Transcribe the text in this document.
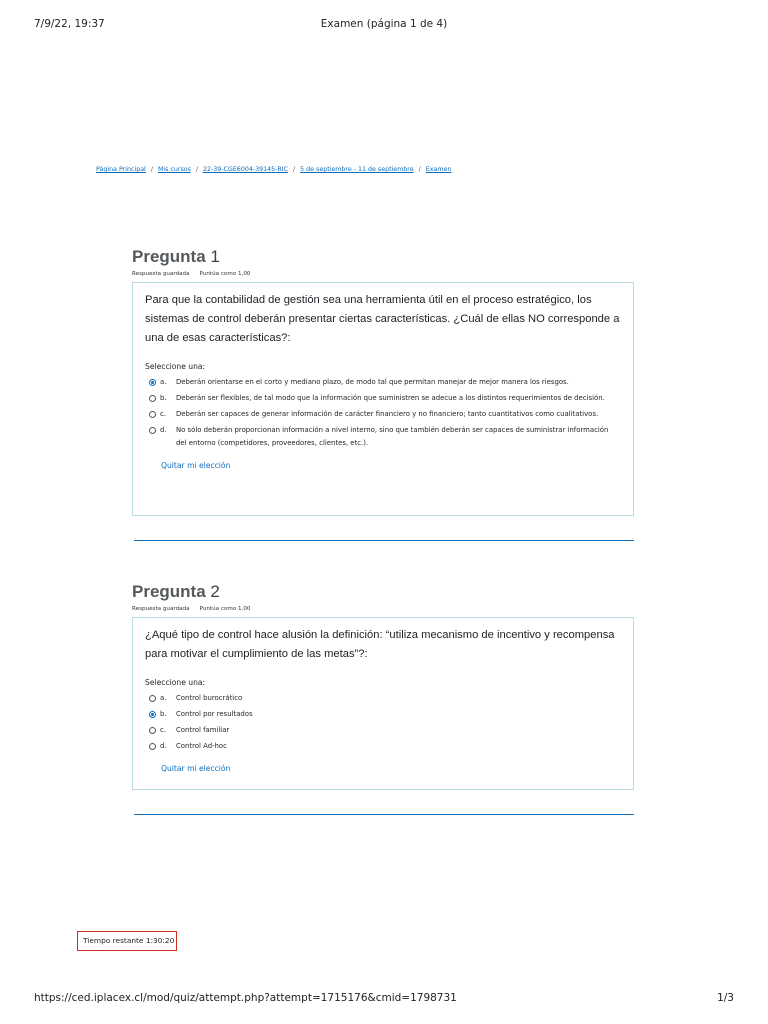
7/9/22, 19:37	Examen (página 1 de 4)
Página Principal / Mis cursos / 22-39-CGE6004-39145-RIC / 5 de septiembre - 11 de septiembre / Examen
Pregunta 1
Respuesta guardada Puntúa como 1,00

Para que la contabilidad de gestión sea una herramienta útil en el proceso estratégico, los sistemas de control deberán presentar ciertas características. ¿Cuál de ellas NO corresponde a una de esas características?:

Seleccione una:
a.	Deberán orientarse en el corto y mediano plazo, de modo tal que permitan manejar de mejor manera los riesgos.
b.	Deberán ser flexibles, de tal modo que la información que suministren se adecue a los distintos requerimientos de decisión.
c.	Deberán ser capaces de generar información de carácter financiero y no financiero; tanto cuantitativos como cualitativos.
d.	No sólo deberán proporcionan información a nivel interno, sino que también deberán ser capaces de suministrar información del entorno (competidores, proveedores, clientes, etc.).
Quitar mi elección
Pregunta 2
Respuesta guardada Puntúa como 1,00

¿Aqué tipo de control hace alusión la definición: “utiliza mecanismo de incentivo y recompensa para motivar el cumplimiento de las metas”?:

Seleccione una:
a.	Control burocrático
b.	Control por resultados
c.	Control familiar
d.	Control Ad-hoc
Quitar mi elección
Tiempo restante 1:30:20
https://ced.iplacex.cl/mod/quiz/attempt.php?attempt=1715176&cmid=1798731	1/3
